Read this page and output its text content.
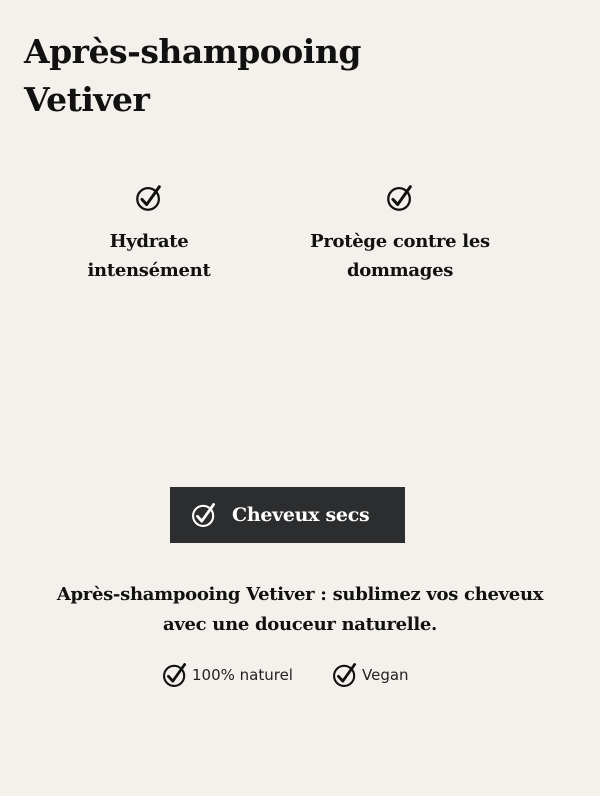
Après-shampooing Vetiver
Hydrate intensément
Protège contre les dommages
Cheveux secs

Après-shampooing Vetiver : sublimez vos cheveux avec une douceur naturelle.

100% naturel	Vegan
